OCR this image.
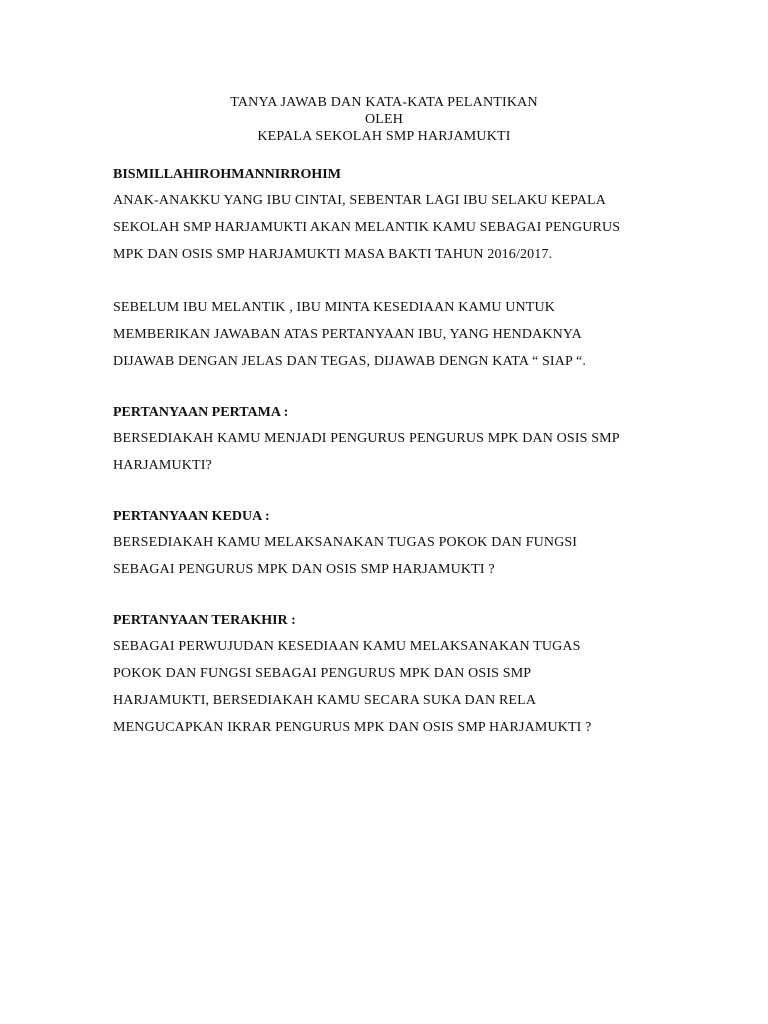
TANYA JAWAB DAN KATA-KATA PELANTIKAN
OLEH
KEPALA SEKOLAH SMP HARJAMUKTI
BISMILLAHIROHMANNIRROHIM
ANAK-ANAKKU YANG IBU CINTAI, SEBENTAR LAGI IBU SELAKU KEPALA
SEKOLAH SMP HARJAMUKTI AKAN MELANTIK KAMU SEBAGAI PENGURUS
MPK DAN OSIS SMP HARJAMUKTI MASA BAKTI TAHUN 2016/2017.
SEBELUM IBU MELANTIK , IBU MINTA KESEDIAAN KAMU UNTUK
MEMBERIKAN JAWABAN ATAS PERTANYAAN IBU, YANG HENDAKNYA
DIJAWAB DENGAN JELAS DAN TEGAS, DIJAWAB DENGN KATA “ SIAP “.
PERTANYAAN PERTAMA :
BERSEDIAKAH KAMU MENJADI PENGURUS PENGURUS MPK DAN OSIS SMP
HARJAMUKTI?
PERTANYAAN KEDUA :
BERSEDIAKAH KAMU MELAKSANAKAN TUGAS POKOK DAN FUNGSI
SEBAGAI PENGURUS MPK DAN OSIS SMP HARJAMUKTI ?
PERTANYAAN TERAKHIR :
SEBAGAI PERWUJUDAN KESEDIAAN KAMU MELAKSANAKAN TUGAS
POKOK DAN FUNGSI SEBAGAI PENGURUS MPK DAN OSIS SMP
HARJAMUKTI, BERSEDIAKAH KAMU SECARA SUKA DAN RELA
MENGUCAPKAN IKRAR PENGURUS MPK DAN OSIS SMP HARJAMUKTI ?
